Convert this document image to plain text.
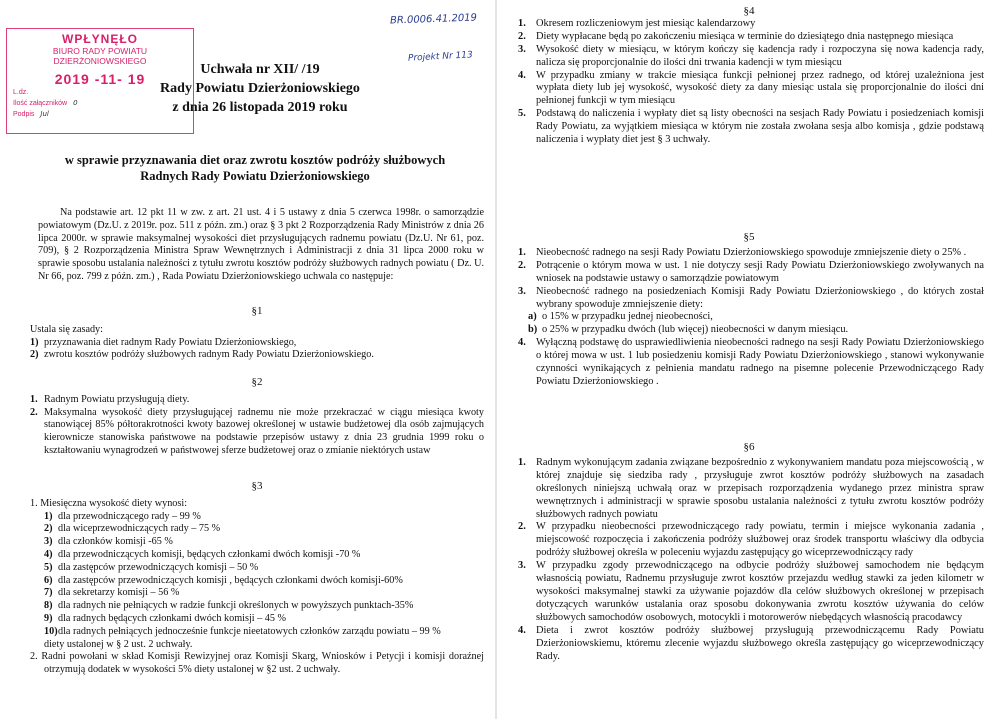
WPŁYNĘŁO
BIURO RADY POWIATU
DZIERŻONIOWSKIEGO
2019 -11- 19
L.dz.
Ilość załączników 0
Podpis Jul
BR.0006.41.2019
Projekt Nr 113
Uchwała nr XII/ /19
Rady Powiatu Dzierżoniowskiego
z dnia 26 listopada 2019 roku
w sprawie przyznawania diet oraz zwrotu kosztów podróży służbowych
Radnych Rady Powiatu Dzierżoniowskiego
Na podstawie art. 12 pkt 11 w zw. z art. 21 ust. 4 i 5 ustawy z dnia 5 czerwca 1998r. o samorządzie powiatowym (Dz.U. z 2019r. poz. 511 z późn. zm.) oraz § 3 pkt 2 Rozporządzenia Rady Ministrów z dnia 26 lipca 2000r. w sprawie maksymalnej wysokości diet przysługujących radnemu powiatu (Dz.U. Nr 61, poz. 709), § 2 Rozporządzenia Ministra Spraw Wewnętrznych i Administracji z dnia 31 lipca 2000 roku w sprawie sposobu ustalania należności z tytułu zwrotu kosztów podróży służbowych radnych powiatu ( Dz. U. Nr 66, poz. 799 z późn. zm.) , Rada Powiatu Dzierżoniowskiego uchwala co następuje:
§1
Ustala się zasady:
1) przyznawania diet radnym Rady Powiatu Dzierżoniowskiego,
2) zwrotu kosztów podróży służbowych radnym Rady Powiatu Dzierżoniowskiego.
§2
1. Radnym Powiatu przysługują diety.
2. Maksymalna wysokość diety przysługującej radnemu nie może przekraczać w ciągu miesiąca kwoty stanowiącej 85% półtorakrotności kwoty bazowej określonej w ustawie budżetowej dla osób zajmujących kierownicze stanowiska państwowe na podstawie przepisów ustawy z dnia 23 grudnia 1999 roku o kształtowaniu wynagrodzeń w państwowej sferze budżetowej oraz o zmianie niektórych ustaw
§3
1. Miesięczna wysokość diety wynosi:
1) dla przewodniczącego rady – 99 %
2) dla wiceprzewodniczących rady – 75 %
3) dla członków komisji -65 %
4) dla przewodniczących komisji, będących członkami dwóch komisji -70 %
5) dla zastępców przewodniczących komisji – 50 %
6) dla zastępców przewodniczących komisji , będących członkami dwóch komisji-60%
7) dla sekretarzy komisji – 56 %
8) dla radnych nie pełniących w radzie funkcji określonych w powyższych punktach-35%
9) dla radnych będących członkami dwóch komisji – 45 %
10) dla radnych pełniących jednocześnie funkcje nieetatowych członków zarządu powiatu – 99 %
diety ustalonej w § 2 ust. 2 uchwały.
2. Radni powołani w skład Komisji Rewizyjnej oraz Komisji Skarg, Wniosków i Petycji i komisji doraźnej otrzymują dodatek w wysokości 5% diety ustalonej w §2 ust. 2 uchwały.
§4
1. Okresem rozliczeniowym jest miesiąc kalendarzowy
2. Diety wypłacane będą po zakończeniu miesiąca w terminie do dziesiątego dnia następnego miesiąca
3. Wysokość diety w miesiącu, w którym kończy się kadencja rady i rozpoczyna się nowa kadencja rady, nalicza się proporcjonalnie do ilości dni trwania kadencji w tym miesiącu
4. W przypadku zmiany w trakcie miesiąca funkcji pełnionej przez radnego, od której uzależniona jest wypłata diety lub jej wysokość, wysokość diety za dany miesiąc ustala się proporcjonalnie do ilości dni pełnionej funkcji w tym miesiącu
5. Podstawą do naliczenia i wypłaty diet są listy obecności na sesjach Rady Powiatu i posiedzeniach komisji Rady Powiatu, za wyjątkiem miesiąca w którym nie została zwołana sesja albo komisja , gdzie podstawą naliczenia i wypłaty diet jest § 3 uchwały.
§5
1. Nieobecność radnego na sesji Rady Powiatu Dzierżoniowskiego spowoduje zmniejszenie diety o 25% .
2. Potrącenie o którym mowa w ust. 1 nie dotyczy sesji Rady Powiatu Dzierżoniowskiego zwoływanych na wniosek na podstawie ustawy o samorządzie powiatowym
3. Nieobecność radnego na posiedzeniach Komisji Rady Powiatu Dzierżoniowskiego , do których został wybrany spowoduje zmniejszenie diety:
a) o 15% w przypadku jednej nieobecności,
b) o 25% w przypadku dwóch (lub więcej) nieobecności w danym miesiącu.
4. Wyłączną podstawę do usprawiedliwienia nieobecności radnego na sesji Rady Powiatu Dzierżoniowskiego o której mowa w ust. 1 lub posiedzeniu komisji Rady Powiatu Dzierżoniowskiego , stanowi wykonywanie czynności wynikających z pełnienia mandatu radnego na pisemne polecenie Przewodniczącego Rady Powiatu Dzierżoniowskiego .
§6
1. Radnym wykonującym zadania związane bezpośrednio z wykonywaniem mandatu poza miejscowością , w której znajduje się siedziba rady , przysługuje zwrot kosztów podróży służbowych na zasadach określonych niniejszą uchwałą oraz w przepisach rozporządzenia wydanego przez ministra spraw wewnętrznych i administracji w sprawie sposobu ustalania należności z tytułu zwrotu kosztów podróży służbowych radnych powiatu
2. W przypadku nieobecności przewodniczącego rady powiatu, termin i miejsce wykonania zadania , miejscowość rozpoczęcia i zakończenia podróży służbowej oraz środek transportu właściwy dla odbycia podróży służbowej określa w poleceniu wyjazdu zastępujący go wiceprzewodniczący rady
3. W przypadku zgody przewodniczącego na odbycie podróży służbowej samochodem nie będącym własnością powiatu, Radnemu przysługuje zwrot kosztów przejazdu według stawki za jeden kilometr w wysokości maksymalnej stawki za używanie pojazdów dla celów służbowych określonej w przepisach dotyczących warunków ustalania oraz sposobu dokonywania zwrotu kosztów używania do celów służbowych samochodów osobowych, motocykli i motorowerów niebędących własnością pracodawcy
4. Dieta i zwrot kosztów podróży służbowej przysługują przewodniczącemu Rady Powiatu Dzierżoniowskiemu, któremu zlecenie wyjazdu służbowego określa zastępujący go wiceprzewodniczący Rady.
